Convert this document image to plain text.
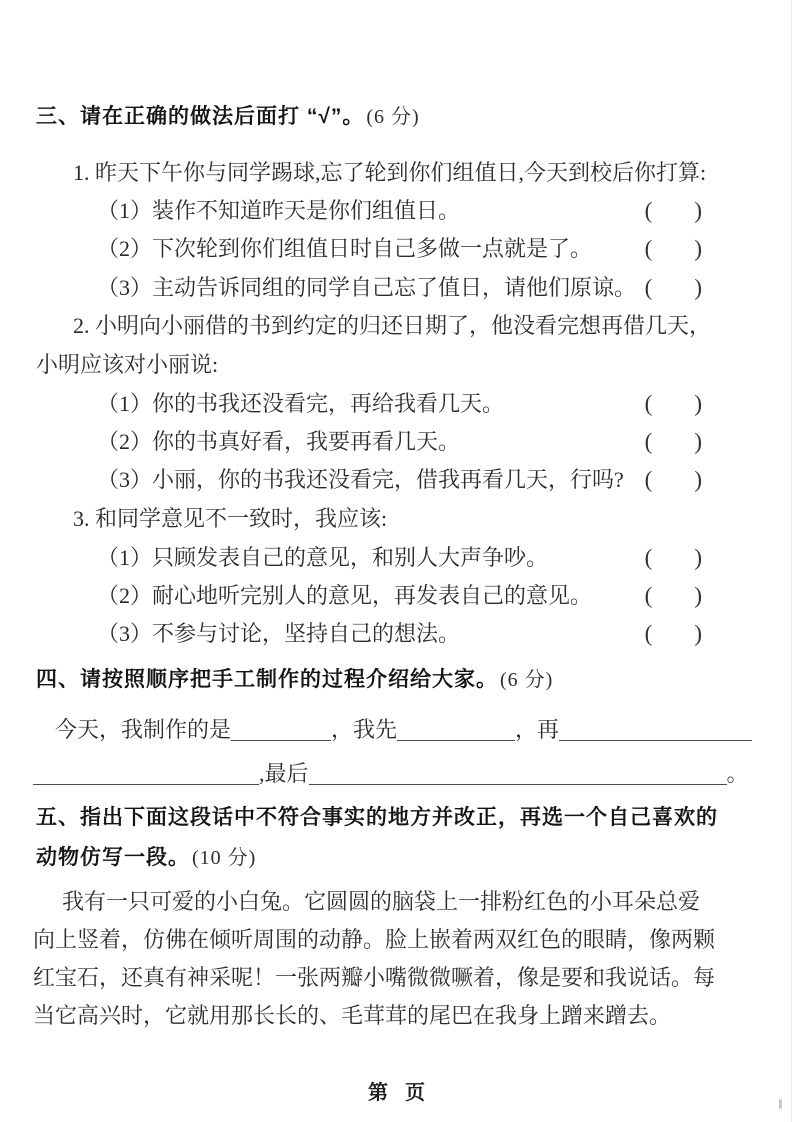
三、请在正确的做法后面打 “√”。 (6 分)
1. 昨天下午你与同学踢球,忘了轮到你们组值日,今天到校后你打算:
（1）装作不知道昨天是你们组值日。	( )
（2）下次轮到你们组值日时自己多做一点就是了。 ( )
（3）主动告诉同组的同学自己忘了值日，请他们原谅。 ( )
2. 小明向小丽借的书到约定的归还日期了，他没看完想再借几天，
小明应该对小丽说:
（1）你的书我还没看完，再给我看几天。	( )
（2）你的书真好看，我要再看几天。	( )
（3）小丽，你的书我还没看完，借我再看几天，行吗? ( )
3. 和同学意见不一致时，我应该:
（1）只顾发表自己的意见，和别人大声争吵。	( )
（2）耐心地听完别人的意见，再发表自己的意见。 ( )
（3）不参与讨论，坚持自己的想法。	( )
四、请按照顺序把手工制作的过程介绍给大家。 (6 分)
今天，我制作的是	，我先	，再
,最后	。
五、指出下面这段话中不符合事实的地方并改正，再选一个自己喜欢的
动物仿写一段。 (10 分)
我有一只可爱的小白兔。它圆圆的脑袋上一排粉红色的小耳朵总爱
向上竖着，仿佛在倾听周围的动静。脸上嵌着两双红色的眼睛，像两颗
红宝石，还真有神采呢！一张两瓣小嘴微微噘着，像是要和我说话。每
当它高兴时，它就用那长长的、毛茸茸的尾巴在我身上蹭来蹭去。
第 页
